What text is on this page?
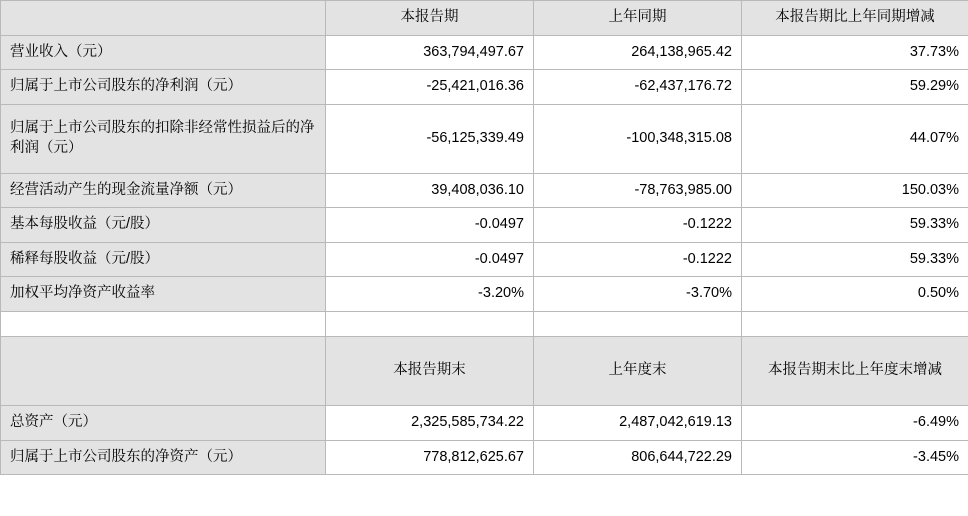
	本报告期	上年同期	本报告期比上年同期增减
营业收入（元）	363,794,497.67	264,138,965.42	37.73%
归属于上市公司股东的净利润（元）	-25,421,016.36	-62,437,176.72	59.29%
归属于上市公司股东的扣除非经常性损益后的净利润（元）	-56,125,339.49	-100,348,315.08	44.07%
经营活动产生的现金流量净额（元）	39,408,036.10	-78,763,985.00	150.03%
基本每股收益（元/股）	-0.0497	-0.1222	59.33%
稀释每股收益（元/股）	-0.0497	-0.1222	59.33%
加权平均净资产收益率	-3.20%	-3.70%	0.50%

	本报告期末	上年度末	本报告期末比上年度末增减
总资产（元）	2,325,585,734.22	2,487,042,619.13	-6.49%
归属于上市公司股东的净资产（元）	778,812,625.67	806,644,722.29	-3.45%
